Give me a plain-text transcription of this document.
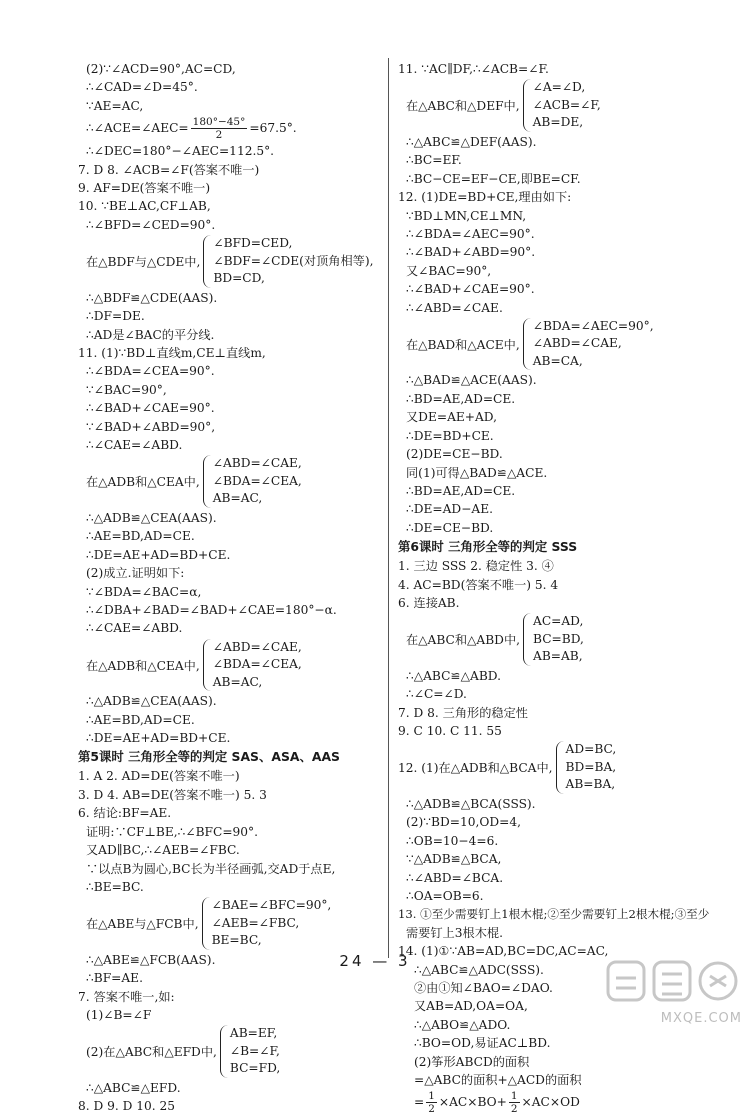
(2)∵∠ACD=90°,AC=CD,
∴∠CAD=∠D=45°.
∵AE=AC,
∴∠ACE=∠AEC= $\frac{180^\circ-45^\circ}{2} =67.5^\circ$.
∴∠DEC=180°−∠AEC=112.5°.
7. D 8. ∠ACB=∠F(答案不唯一)
9. AF=DE(答案不唯一)
10. ∵BE⊥AC,CF⊥AB,
∴∠BFD=∠CED=90°.
在△BDF与△CDE中,
∠BFD=CED,
∠BDF=∠CDE(对顶角相等),
BD=CD,
∴△BDF≌△CDE(AAS).
∴DF=DE.
∴AD是∠BAC的平分线.
11. (1)∵BD⊥直线m,CE⊥直线m,
∴∠BDA=∠CEA=90°.
∵∠BAC=90°,
∴∠BAD+∠CAE=90°.
∵∠BAD+∠ABD=90°,
∴∠CAE=∠ABD.
在△ADB和△CEA中,
∠ABD=∠CAE,
∠BDA=∠CEA,
AB=AC,
∴△ADB≌△CEA(AAS).
∴AE=BD,AD=CE.
∴DE=AE+AD=BD+CE.
(2)成立.证明如下:
∵∠BDA=∠BAC=α,
∴∠DBA+∠BAD=∠BAD+∠CAE=180°−α.
∴∠CAE=∠ABD.
在△ADB和△CEA中,
∠ABD=∠CAE,
∠BDA=∠CEA,
AB=AC,
∴△ADB≌△CEA(AAS).
∴AE=BD,AD=CE.
∴DE=AE+AD=BD+CE.
第5课时 三角形全等的判定 SAS、ASA、AAS
1. A 2. AD=DE(答案不唯一)
3. D 4. AB=DE(答案不唯一) 5. 3
6. 结论:BF=AE.
证明:∵CF⊥BE,∴∠BFC=90°.
又AD∥BC,∴∠AEB=∠FBC.
∵以点B为圆心,BC长为半径画弧,交AD于点E,
∴BE=BC.
在△ABE与△FCB中,
∠BAE=∠BFC=90°,
∠AEB=∠FBC,
BE=BC,
∴△ABE≌△FCB(AAS).
∴BF=AE.
7. 答案不唯一,如:
(1)∠B=∠F
(2)在△ABC和△EFD中,
AB=EF,
∠B=∠F,
BC=FD,
∴△ABC≌△EFD.
8. D 9. D 10. 25
11. ∵AC∥DF,∴∠ACB=∠F.
在△ABC和△DEF中,
∠A=∠D,
∠ACB=∠F,
AB=DE,
∴△ABC≌△DEF(AAS).
∴BC=EF.
∴BC−CE=EF−CE,即BE=CF.
12. (1)DE=BD+CE,理由如下:
∵BD⊥MN,CE⊥MN,
∴∠BDA=∠AEC=90°.
∴∠BAD+∠ABD=90°.
又∠BAC=90°,
∴∠BAD+∠CAE=90°.
∴∠ABD=∠CAE.
在△BAD和△ACE中,
∠BDA=∠AEC=90°,
∠ABD=∠CAE,
AB=CA,
∴△BAD≌△ACE(AAS).
∴BD=AE,AD=CE.
又DE=AE+AD,
∴DE=BD+CE.
(2)DE=CE−BD.
同(1)可得△BAD≌△ACE.
∴BD=AE,AD=CE.
∴DE=AD−AE.
∴DE=CE−BD.
第6课时 三角形全等的判定 SSS
1. 三边 SSS 2. 稳定性 3. ④
4. AC=BD(答案不唯一) 5. 4
6. 连接AB.
在△ABC和△ABD中,
AC=AD,
BC=BD,
AB=AB,
∴△ABC≌△ABD.
∴∠C=∠D.
7. D 8. 三角形的稳定性
9. C 10. C 11. 55
12. (1)在△ADB和△BCA中,
AD=BC,
BD=BA,
AB=BA,
∴△ADB≌△BCA(SSS).
(2)∵BD=10,OD=4,
∴OB=10−4=6.
∵△ADB≌△BCA,
∴∠ABD=∠BCA.
∴OA=OB=6.
13. ①至少需要钉上1根木棍;②至少需要钉上2根木棍;③至少
需要钉上3根木棍.
14. (1)①∵AB=AD,BC=DC,AC=AC,
∴△ABC≌△ADC(SSS).
②由①知∠BAO=∠DAO.
又AB=AD,OA=OA,
∴△ABO≌△ADO.
∴BO=OD,易证AC⊥BD.
(2)筝形ABCD的面积
=△ABC的面积+△ACD的面积
= $\frac{1}{2} \times AC\times BO+ \frac{1}{2} \times AC\times OD$
24 — 3
MXQE.COM
